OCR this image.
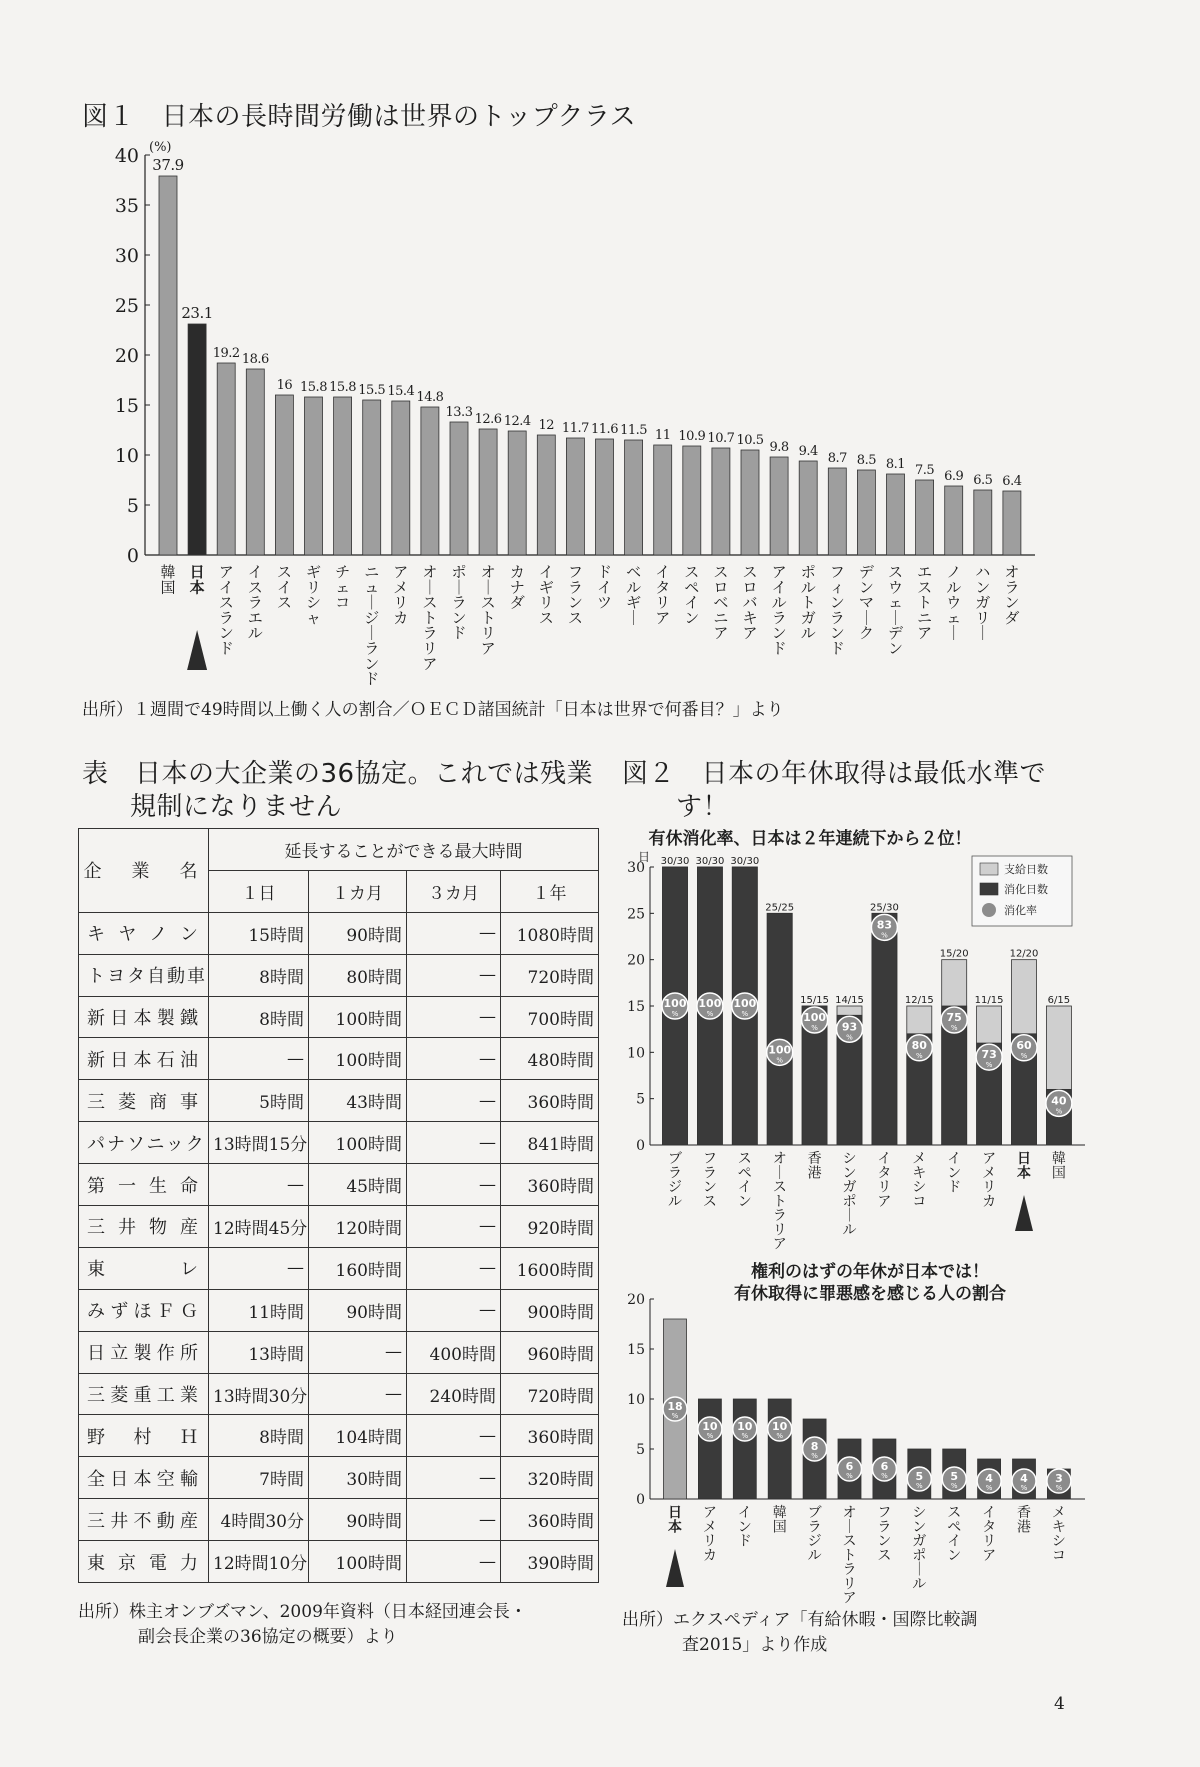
図１　日本の長時間労働は世界のトップクラス
(%)
0
5
10
15
20
25
30
35
40 37.9
韓国
23.1
日本
19.2
アイスランド
18.6
イスラエル
16
スイス
15.8
ギリシャ
15.8
チェコ
15.5
ニュ｜ジ｜ランド
15.4
アメリカ
14.8
オ｜ストラリア
13.3
ポ｜ランド
12.6
オ｜ストリア
12.4
カナダ
12
イギリス
11.7
フランス
11.6
ドイツ
11.5
ベルギ｜
11
イタリア
10.9
スペイン
10.7
スロベニア
10.5
スロバキア
9.8
アイルランド
9.4
ポルトガル
8.7
フィンランド
8.5
デンマ｜ク
8.1
スウェ｜デン
7.5
エストニア
6.9
ノルウェ｜
6.5
ハンガリ｜
6.4
オランダ
出所）１週間で49時間以上働く人の割合／ＯＥＣＤ諸国統計「日本は世界で何番目？」より
表　日本の大企業の36協定。これでは残業
規制になりません
企　業　名	延長することができる最大時間			
	１日	１カ月	３カ月	１年
キヤノン	15時間	90時間	—	1080時間
トヨタ自動車	8時間	80時間	—	720時間
新日本製鐵	8時間	100時間	—	700時間
新日本石油	—	100時間	—	480時間
三菱商事	5時間	43時間	—	360時間
パナソニック	13時間15分	100時間	—	841時間
第一生命	—	45時間	—	360時間
三井物産	12時間45分	120時間	—	920時間
東レ	—	160時間	—	1600時間
みずほＦＧ	11時間	90時間	—	900時間
日立製作所	13時間	—	400時間	960時間
三菱重工業	13時間30分	—	240時間	720時間
野村Ｈ	8時間	104時間	—	360時間
全日本空輸	7時間	30時間	—	320時間
三井不動産	4時間30分	90時間	—	360時間
東京電力	12時間10分	100時間	—	390時間
出所）株主オンブズマン、2009年資料（日本経団連会長・
副会長企業の36協定の概要）より
図２　日本の年休取得は最低水準で
す！
有休消化率、日本は２年連続下から２位！
日
0
5
10
15
20
25
30 30/30
100
%
ブラジル
30/30
100
%
フランス
30/30
100
%
スペイン
25/25
100
%
オ｜ストラリア
15/15
100
%
香港
14/15
93
%
シンガポ｜ル
25/30
83
%
イタリア
12/15
80
%
メキシコ
15/20
75
%
インド
11/15
73
%
アメリカ
12/20
60
%
日本
6/15
40
%
韓国
支給日数
消化日数
消化率
権利のはずの年休が日本では！
有休取得に罪悪感を感じる人の割合
0
5
10
15
20
18
%
日本
10
%
アメリカ
10
%
インド
10
%
韓国
8
%
ブラジル
6
%
オ｜ストラリア
6
%
フランス
5
%
シンガポ｜ル
5
%
スペイン
4
%
イタリア
4
%
香港
3
%
メキシコ
出所）エクスペディア「有給休暇・国際比較調
査2015」より作成
4
